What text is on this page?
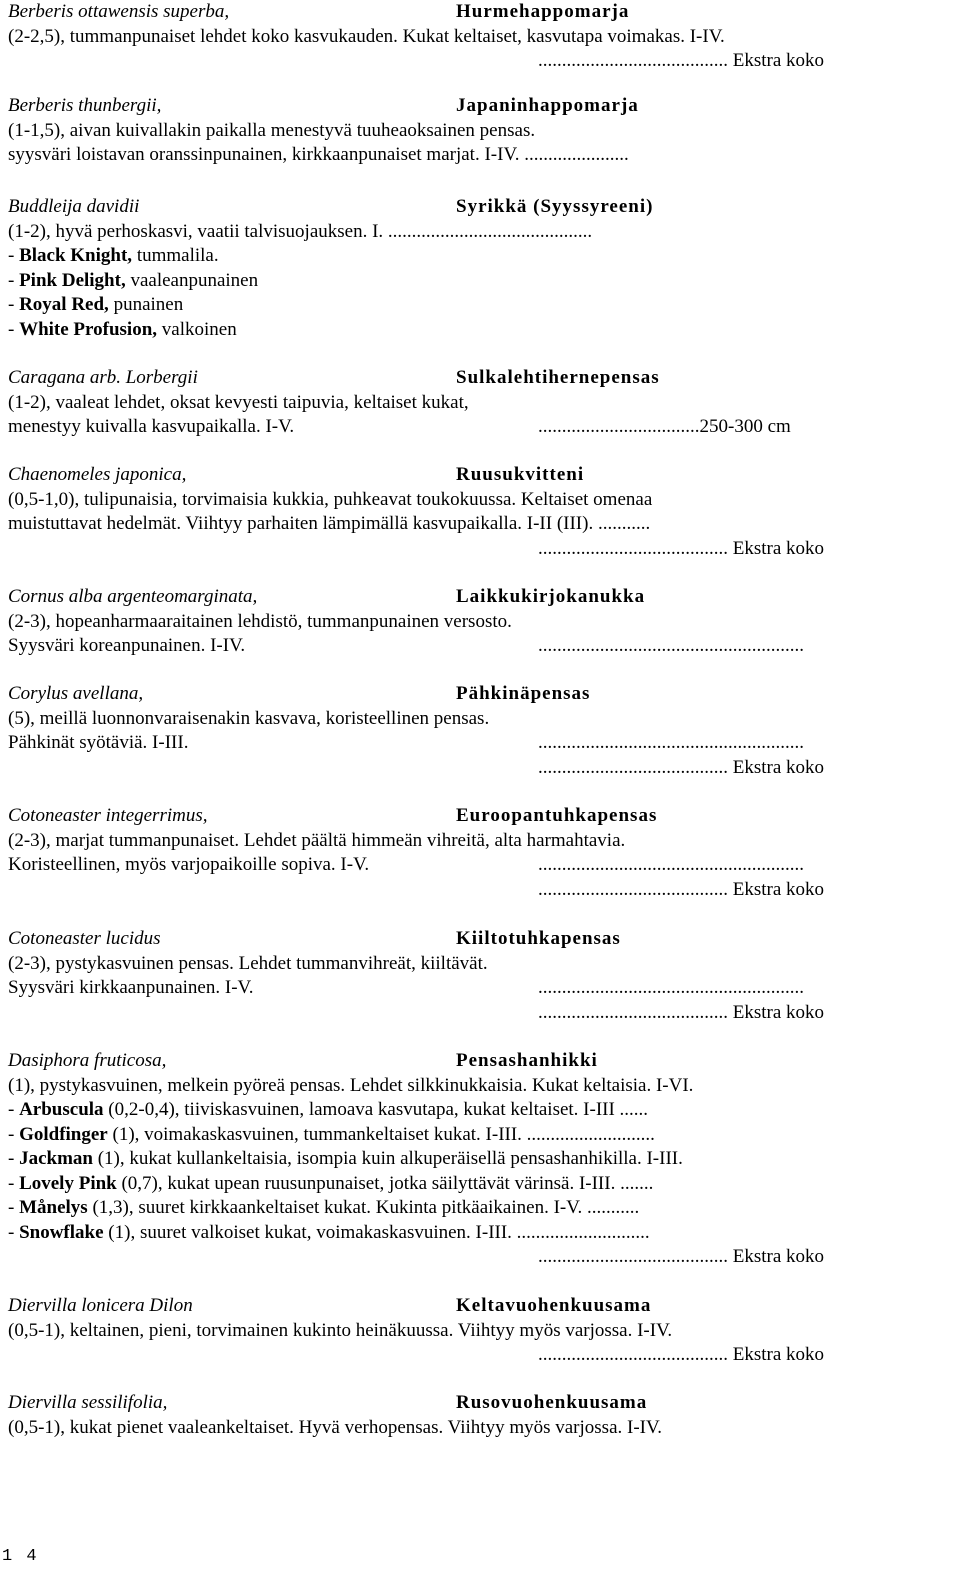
Berberis ottawensis superba,	Hurmehappomarja
(2-2,5), tummanpunaiset lehdet koko kasvukauden. Kukat keltaiset, kasvutapa voimakas. I-IV.
........................................ Ekstra koko
Berberis thunbergii,	Japaninhappomarja
(1-1,5), aivan kuivallakin paikalla menestyvä tuuheaoksainen pensas.
syysväri loistavan oranssinpunainen, kirkkaanpunaiset marjat. I-IV. ......................
Buddleija davidii	Syrikkä (Syyssyreeni)
(1-2), hyvä perhoskasvi, vaatii talvisuojauksen. I. ...........................................
- Black Knight, tummalila.
- Pink Delight, vaaleanpunainen
- Royal Red, punainen
- White Profusion, valkoinen
Caragana arb. Lorbergii	Sulkalehtihernepensas
(1-2), vaaleat lehdet, oksat kevyesti taipuvia, keltaiset kukat,
menestyy kuivalla kasvupaikalla. I-V.	..................................250-300 cm
Chaenomeles japonica,	Ruusukvitteni
(0,5-1,0), tulipunaisia, torvimaisia kukkia, puhkeavat toukokuussa. Keltaiset omenaa
muistuttavat hedelmät. Viihtyy parhaiten lämpimällä kasvupaikalla. I-II (III). ...........
........................................ Ekstra koko
Cornus alba argenteomarginata,	Laikkukirjokanukka
(2-3), hopeanharmaaraitainen lehdistö, tummanpunainen versosto.
Syysväri koreanpunainen. I-IV.	........................................................
Corylus avellana,	Pähkinäpensas
(5), meillä luonnonvaraisenakin kasvava, koristeellinen pensas.
Pähkinät syötäviä. I-III.	........................................................
........................................ Ekstra koko
Cotoneaster integerrimus,	Euroopantuhkapensas
(2-3), marjat tummanpunaiset. Lehdet päältä himmeän vihreitä, alta harmahtavia.
Koristeellinen, myös varjopaikoille sopiva. I-V.	........................................................
........................................ Ekstra koko
Cotoneaster lucidus	Kiiltotuhkapensas
(2-3), pystykasvuinen pensas. Lehdet tummanvihreät, kiiltävät.
Syysväri kirkkaanpunainen. I-V.	........................................................
........................................ Ekstra koko
Dasiphora fruticosa,	Pensashanhikki
(1), pystykasvuinen, melkein pyöreä pensas. Lehdet silkkinukkaisia. Kukat keltaisia. I-VI.
- Arbuscula (0,2-0,4), tiiviskasvuinen, lamoava kasvutapa, kukat keltaiset. I-III ......
- Goldfinger (1), voimakaskasvuinen, tummankeltaiset kukat. I-III. ...........................
- Jackman (1), kukat kullankeltaisia, isompia kuin alkuperäisellä pensashanhikilla. I-III.
- Lovely Pink (0,7), kukat upean ruusunpunaiset, jotka säilyttävät värinsä. I-III. .......
- Månelys (1,3), suuret kirkkaankeltaiset kukat. Kukinta pitkäaikainen. I-V. ...........
- Snowflake (1), suuret valkoiset kukat, voimakaskasvuinen. I-III. ............................
........................................ Ekstra koko
Diervilla lonicera Dilon	Keltavuohenkuusama
(0,5-1), keltainen, pieni, torvimainen kukinto heinäkuussa. Viihtyy myös varjossa. I-IV.
........................................ Ekstra koko
Diervilla sessilifolia,	Rusovuohenkuusama
(0,5-1), kukat pienet vaaleankeltaiset. Hyvä verhopensas. Viihtyy myös varjossa. I-IV.
1 4
